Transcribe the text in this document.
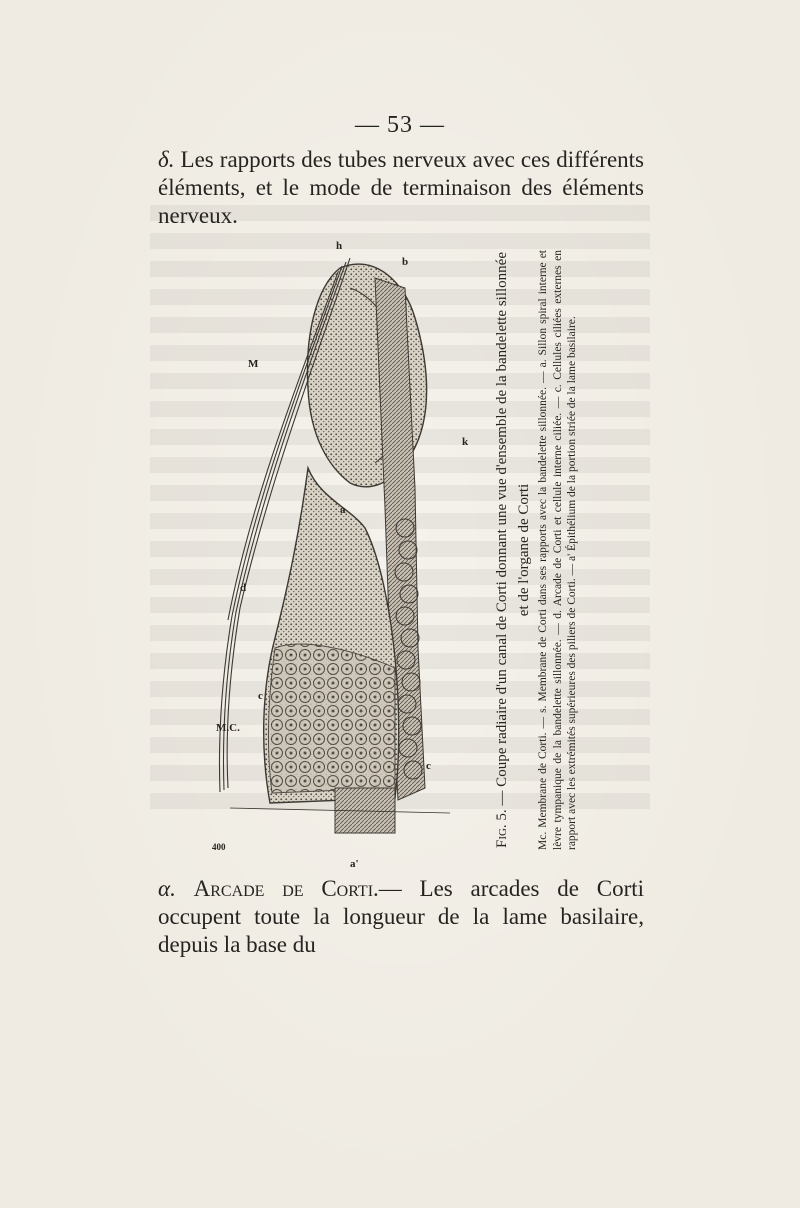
— 53 —
δ. Les rapports des tubes nerveux avec ces différents éléments, et le mode de terminaison des éléments nerveux.
h
b
M
k
a
d
c
M.C.
c
400
a'
Fig. 5. — Coupe radiaire d'un canal de Corti donnant une vue d'ensemble de la bandelette sillonnée et de l'organe de Corti Mc. Membrane de Corti. — s. Membrane de Corti dans ses rapports avec la bandelette sillonnée. — a. Sillon spiral interne et lèvre tympanique de la bandelette sillonnée. — d. Arcade de Corti et cellule interne ciliée. — c. Cellules ciliées externes en rapport avec les extrémités supérieures des piliers de Corti. — a' Épithélium de la portion striée de la lame basilaire.
α. Arcade de Corti.— Les arcades de Corti occupent toute la longueur de la lame basilaire, depuis la base du
